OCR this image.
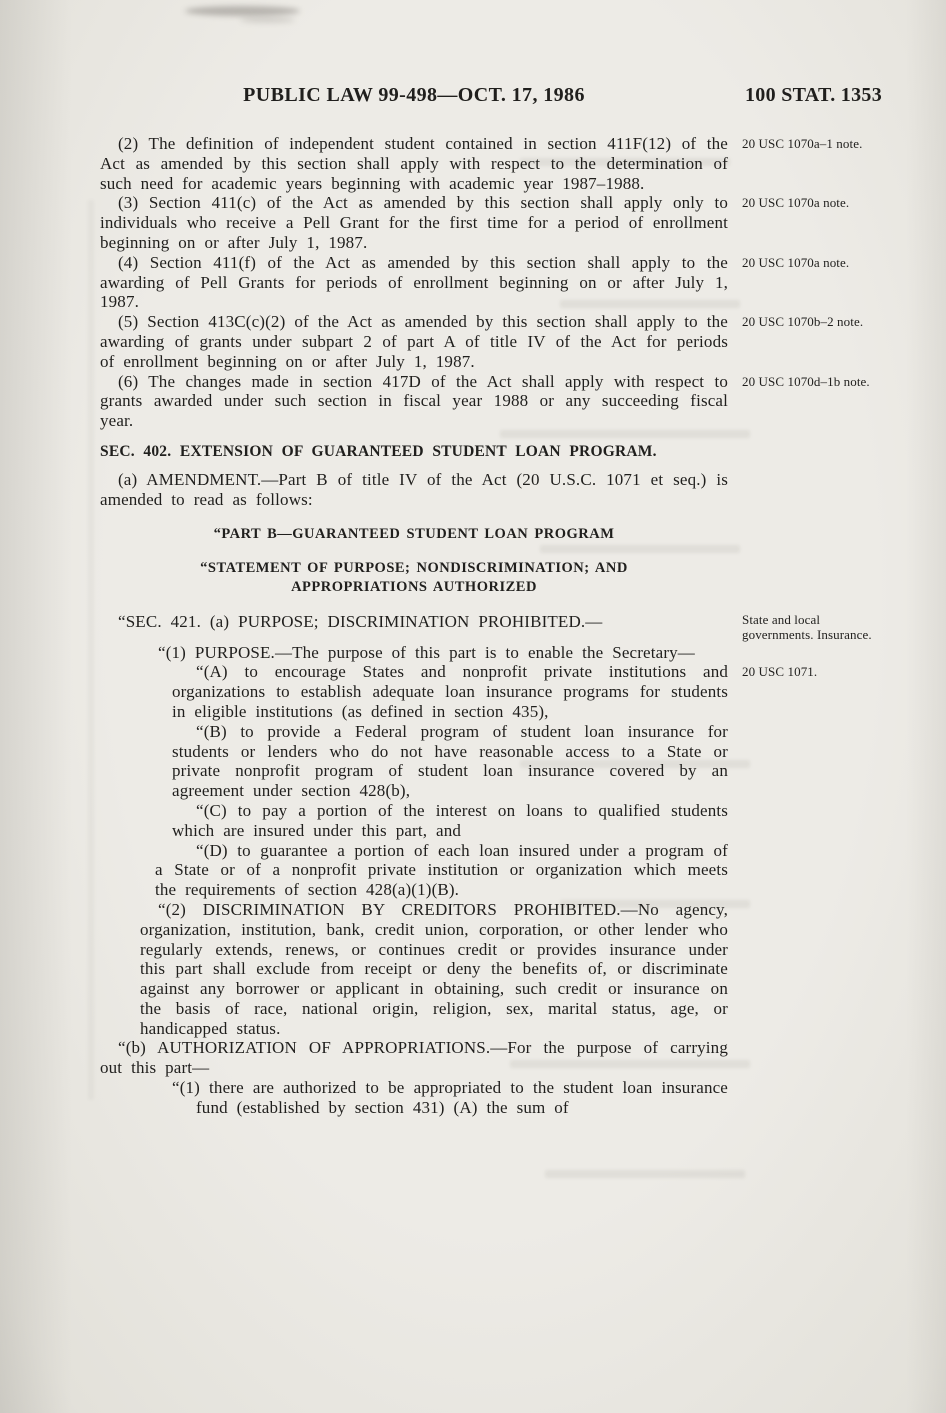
PUBLIC LAW 99-498—OCT. 17, 1986	100 STAT. 1353

(2) The definition of independent student contained in section 411F(12) of the Act as amended by this section shall apply with respect to the determination of such need for academic years beginning with academic year 1987–1988.

20 USC 1070a–1 note.

(3) Section 411(c) of the Act as amended by this section shall apply only to individuals who receive a Pell Grant for the first time for a period of enrollment beginning on or after July 1, 1987.

20 USC 1070a note.

(4) Section 411(f) of the Act as amended by this section shall apply to the awarding of Pell Grants for periods of enrollment beginning on or after July 1, 1987.

20 USC 1070a note.

(5) Section 413C(c)(2) of the Act as amended by this section shall apply to the awarding of grants under subpart 2 of part A of title IV of the Act for periods of enrollment beginning on or after July 1, 1987.

20 USC 1070b–2 note.

(6) The changes made in section 417D of the Act shall apply with respect to grants awarded under such section in fiscal year 1988 or any succeeding fiscal year.

20 USC 1070d–1b note.
SEC. 402. EXTENSION OF GUARANTEED STUDENT LOAN PROGRAM.

(a) AMENDMENT.—Part B of title IV of the Act (20 U.S.C. 1071 et seq.) is amended to read as follows:

“PART B—GUARANTEED STUDENT LOAN PROGRAM
“STATEMENT OF PURPOSE; NONDISCRIMINATION; AND APPROPRIATIONS AUTHORIZED

“SEC. 421. (a) PURPOSE; DISCRIMINATION PROHIBITED.—	State and local governments. Insurance.

“(1) PURPOSE.—The purpose of this part is to enable the Secretary—

“(A) to encourage States and nonprofit private institutions and organizations to establish adequate loan insurance programs for students in eligible institutions (as defined in section 435),

20 USC 1071.

“(B) to provide a Federal program of student loan insurance for students or lenders who do not have reasonable access to a State or private nonprofit program of student loan insurance covered by an agreement under section 428(b),

“(C) to pay a portion of the interest on loans to qualified students which are insured under this part, and

“(D) to guarantee a portion of each loan insured under a program of a State or of a nonprofit private institution or organization which meets the requirements of section 428(a)(1)(B).

“(2) DISCRIMINATION BY CREDITORS PROHIBITED.—No agency, organization, institution, bank, credit union, corporation, or other lender who regularly extends, renews, or continues credit or provides insurance under this part shall exclude from receipt or deny the benefits of, or discriminate against any borrower or applicant in obtaining, such credit or insurance on the basis of race, national origin, religion, sex, marital status, age, or handicapped status.

“(b) AUTHORIZATION OF APPROPRIATIONS.—For the purpose of carrying out this part—

“(1) there are authorized to be appropriated to the student loan insurance fund (established by section 431) (A) the sum of
